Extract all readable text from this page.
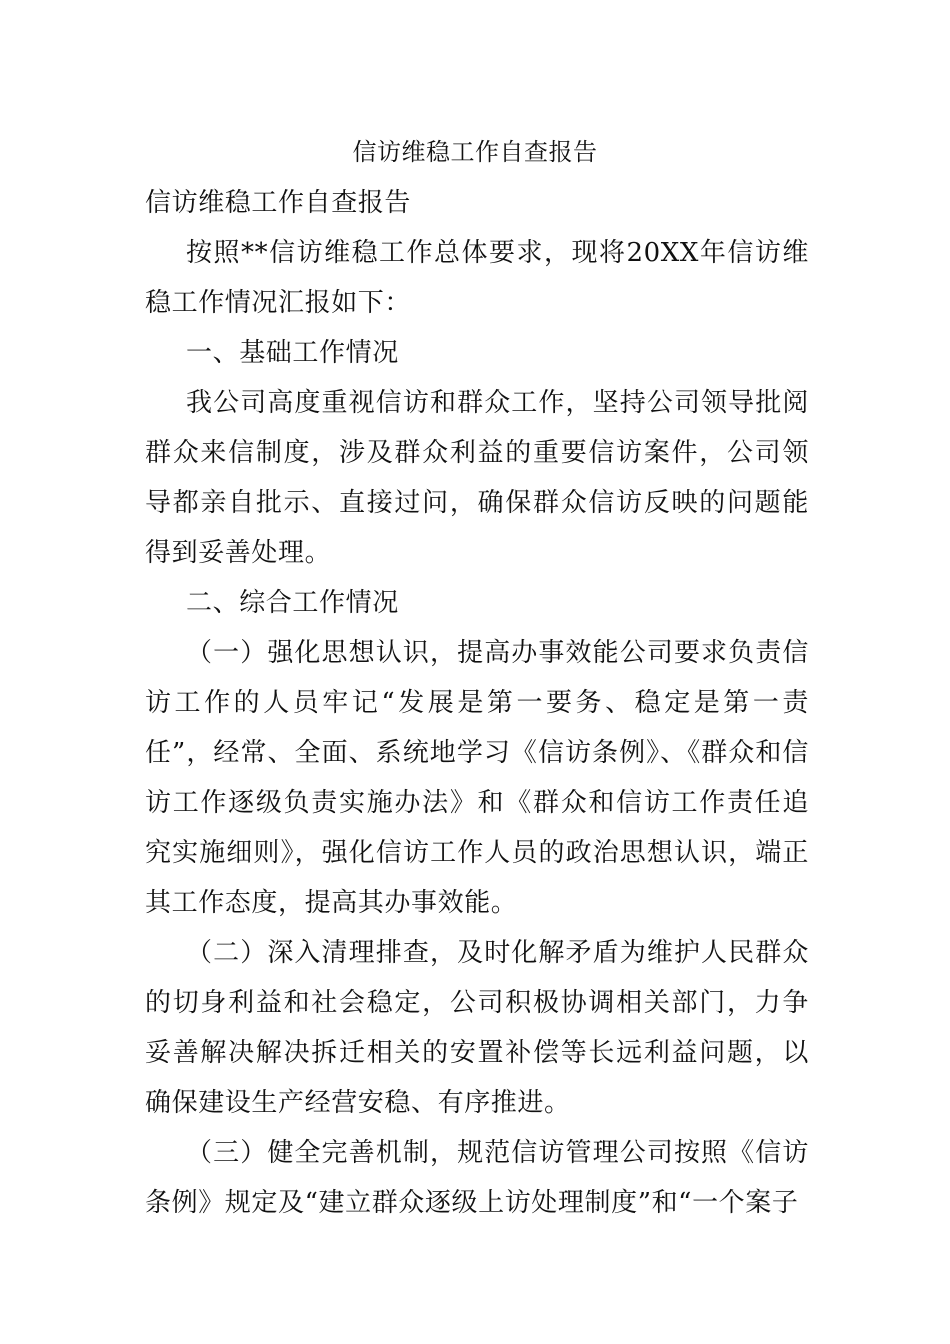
信访维稳工作自查报告

信访维稳工作自查报告

按照**信访维稳工作总体要求，现将20XX年信访维稳工作情况汇报如下：

一、基础工作情况

我公司高度重视信访和群众工作，坚持公司领导批阅群众来信制度，涉及群众利益的重要信访案件，公司领导都亲自批示、直接过问，确保群众信访反映的问题能得到妥善处理。

二、综合工作情况

（一）强化思想认识，提高办事效能公司要求负责信访工作的人员牢记“发展是第一要务、稳定是第一责任”，经常、全面、系统地学习《信访条例》、《群众和信访工作逐级负责实施办法》和《群众和信访工作责任追究实施细则》，强化信访工作人员的政治思想认识，端正其工作态度，提高其办事效能。

（二）深入清理排查，及时化解矛盾为维护人民群众的切身利益和社会稳定，公司积极协调相关部门，力争妥善解决解决拆迁相关的安置补偿等长远利益问题，以确保建设生产经营安稳、有序推进。

（三）健全完善机制，规范信访管理公司按照《信访条例》规定及“建立群众逐级上访处理制度”和“一个案子
